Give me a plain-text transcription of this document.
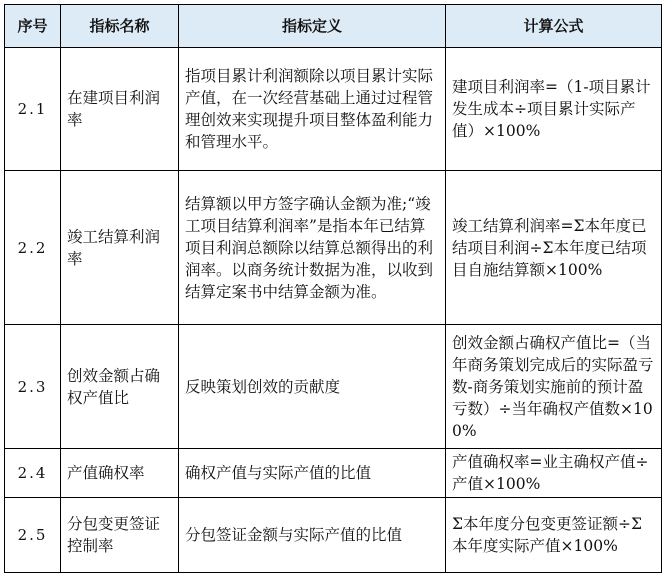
序号	指标名称	指标定义	计算公式
2.1	在建项目利润率	指项目累计利润额除以项目累计实际产值，在一次经营基础上通过过程管理创效来实现提升项目整体盈利能力和管理水平。	建项目利润率=（1-项目累计发生成本÷项目累计实际产值）×100%
2.2	竣工结算利润率	结算额以甲方签字确认金额为准;“竣工项目结算利润率”是指本年已结算项目利润总额除以结算总额得出的利润率。以商务统计数据为准，以收到结算定案书中结算金额为准。	竣工结算利润率=Σ本年度已结项目利润÷Σ本年度已结项目自施结算额×100%
2.3	创效金额占确权产值比	反映策划创效的贡献度	创效金额占确权产值比=（当年商务策划完成后的实际盈亏数-商务策划实施前的预计盈亏数）÷当年确权产值数×100%
2.4	产值确权率	确权产值与实际产值的比值	产值确权率=业主确权产值÷产值×100%
2.5	分包变更签证控制率	分包签证金额与实际产值的比值	Σ本年度分包变更签证额÷Σ本年度实际产值×100%
